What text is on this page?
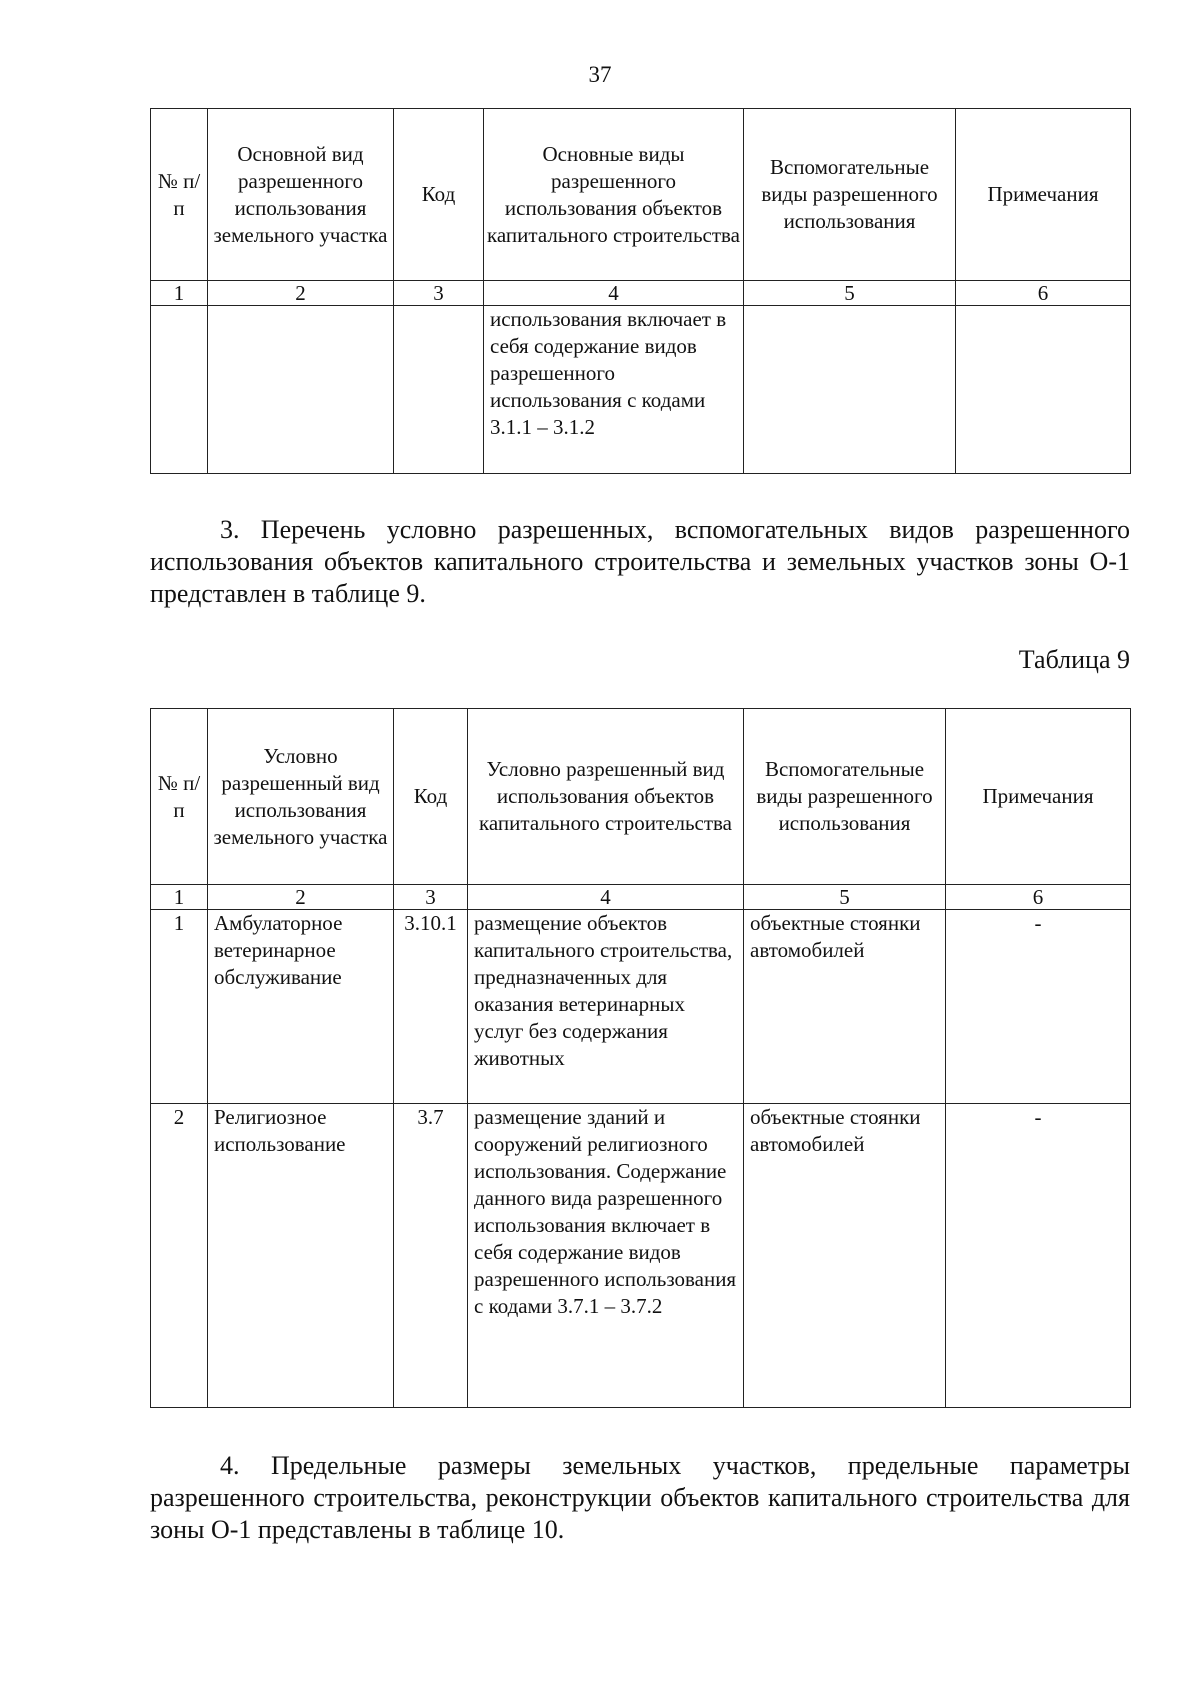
37
№ п/п	Основной вид разрешенного использования земельного участка	Код	Основные виды разрешенного использования объектов капитального строительства	Вспомогательные виды разрешенного использования	Примечания
1	2	3	4	5	6
			использования включает в себя содержание видов разрешенного использования с кодами 3.1.1 – 3.1.2		

3. Перечень условно разрешенных, вспомогательных видов разрешенного использования объектов капитального строительства и земельных участков зоны О-1 представлен в таблице 9.

Таблица 9
№ п/п	Условно разрешенный вид использования земельного участка	Код	Условно разрешенный вид использования объектов капитального строительства	Вспомогательные виды разрешенного использования	Примечания
1	2	3	4	5	6
1	Амбулаторное ветеринарное обслуживание	3.10.1	размещение объектов капитального строительства, предназначенных для оказания ветеринарных услуг без содержания животных	объектные стоянки автомобилей	-
2	Религиозное использование	3.7	размещение зданий и сооружений религиозного использования. Содержание данного вида разрешенного использования включает в себя содержание видов разрешенного использования с кодами 3.7.1 – 3.7.2	объектные стоянки автомобилей	-

4. Предельные размеры земельных участков, предельные параметры разрешенного строительства, реконструкции объектов капитального строительства для зоны О-1 представлены в таблице 10.
